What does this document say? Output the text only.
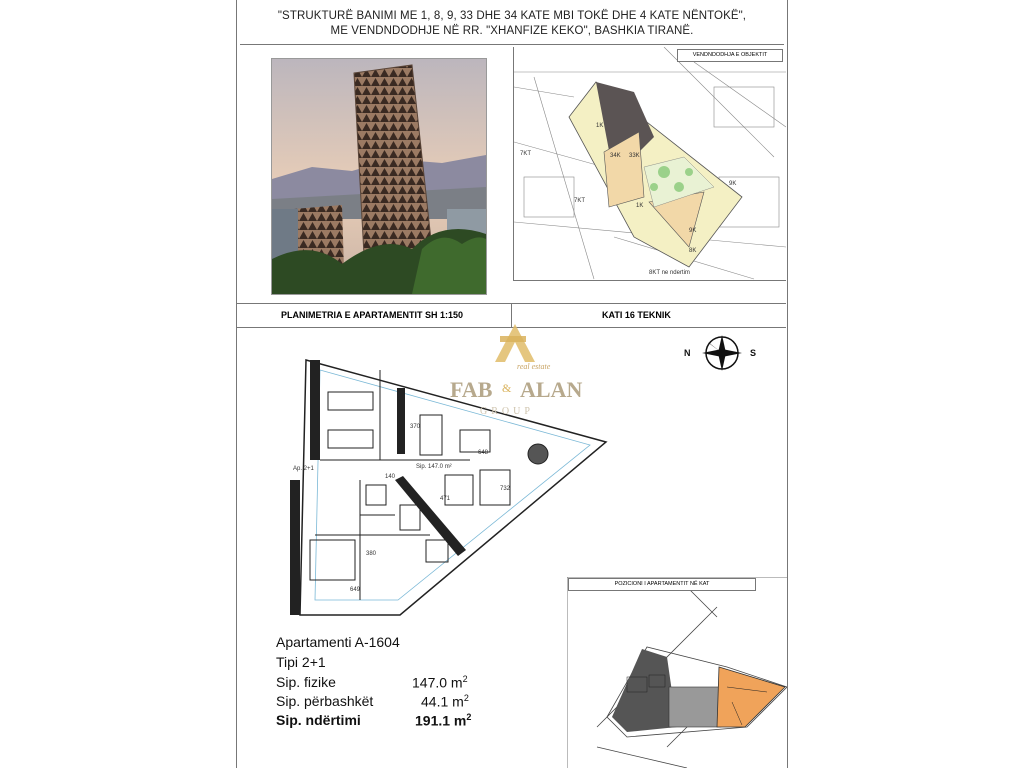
"STRUKTURË BANIMI ME 1, 8, 9, 33 DHE 34 KATE MBI TOKË DHE 4 KATE NËNTOKË",
ME VENDNDODHJE NË RR. "XHANFIZE KEKO", BASHKIA TIRANË.
7KT
7KT
1K
34K 33K
1K
9K
9K
8K
8KT ne ndertim
VENDNDODHJA E OBJEKTIT
PLANIMETRIA E APARTAMENTIT SH 1:150	KATI 16 TEKNIK
Sip. 147.0 m²
Ap. 2+1
648
649
370
471
732
380
140
FAB & ALAN
real estate
GROUP
N	S
Apartamenti A-1604
Tipi 2+1
Sip. fizike	147.0 $m^2$
Sip. përbashkët	44.1 $m^2$
Sip. ndërtimi	191.1 $m^2$
POZICIONI I APARTAMENTIT NË KAT
